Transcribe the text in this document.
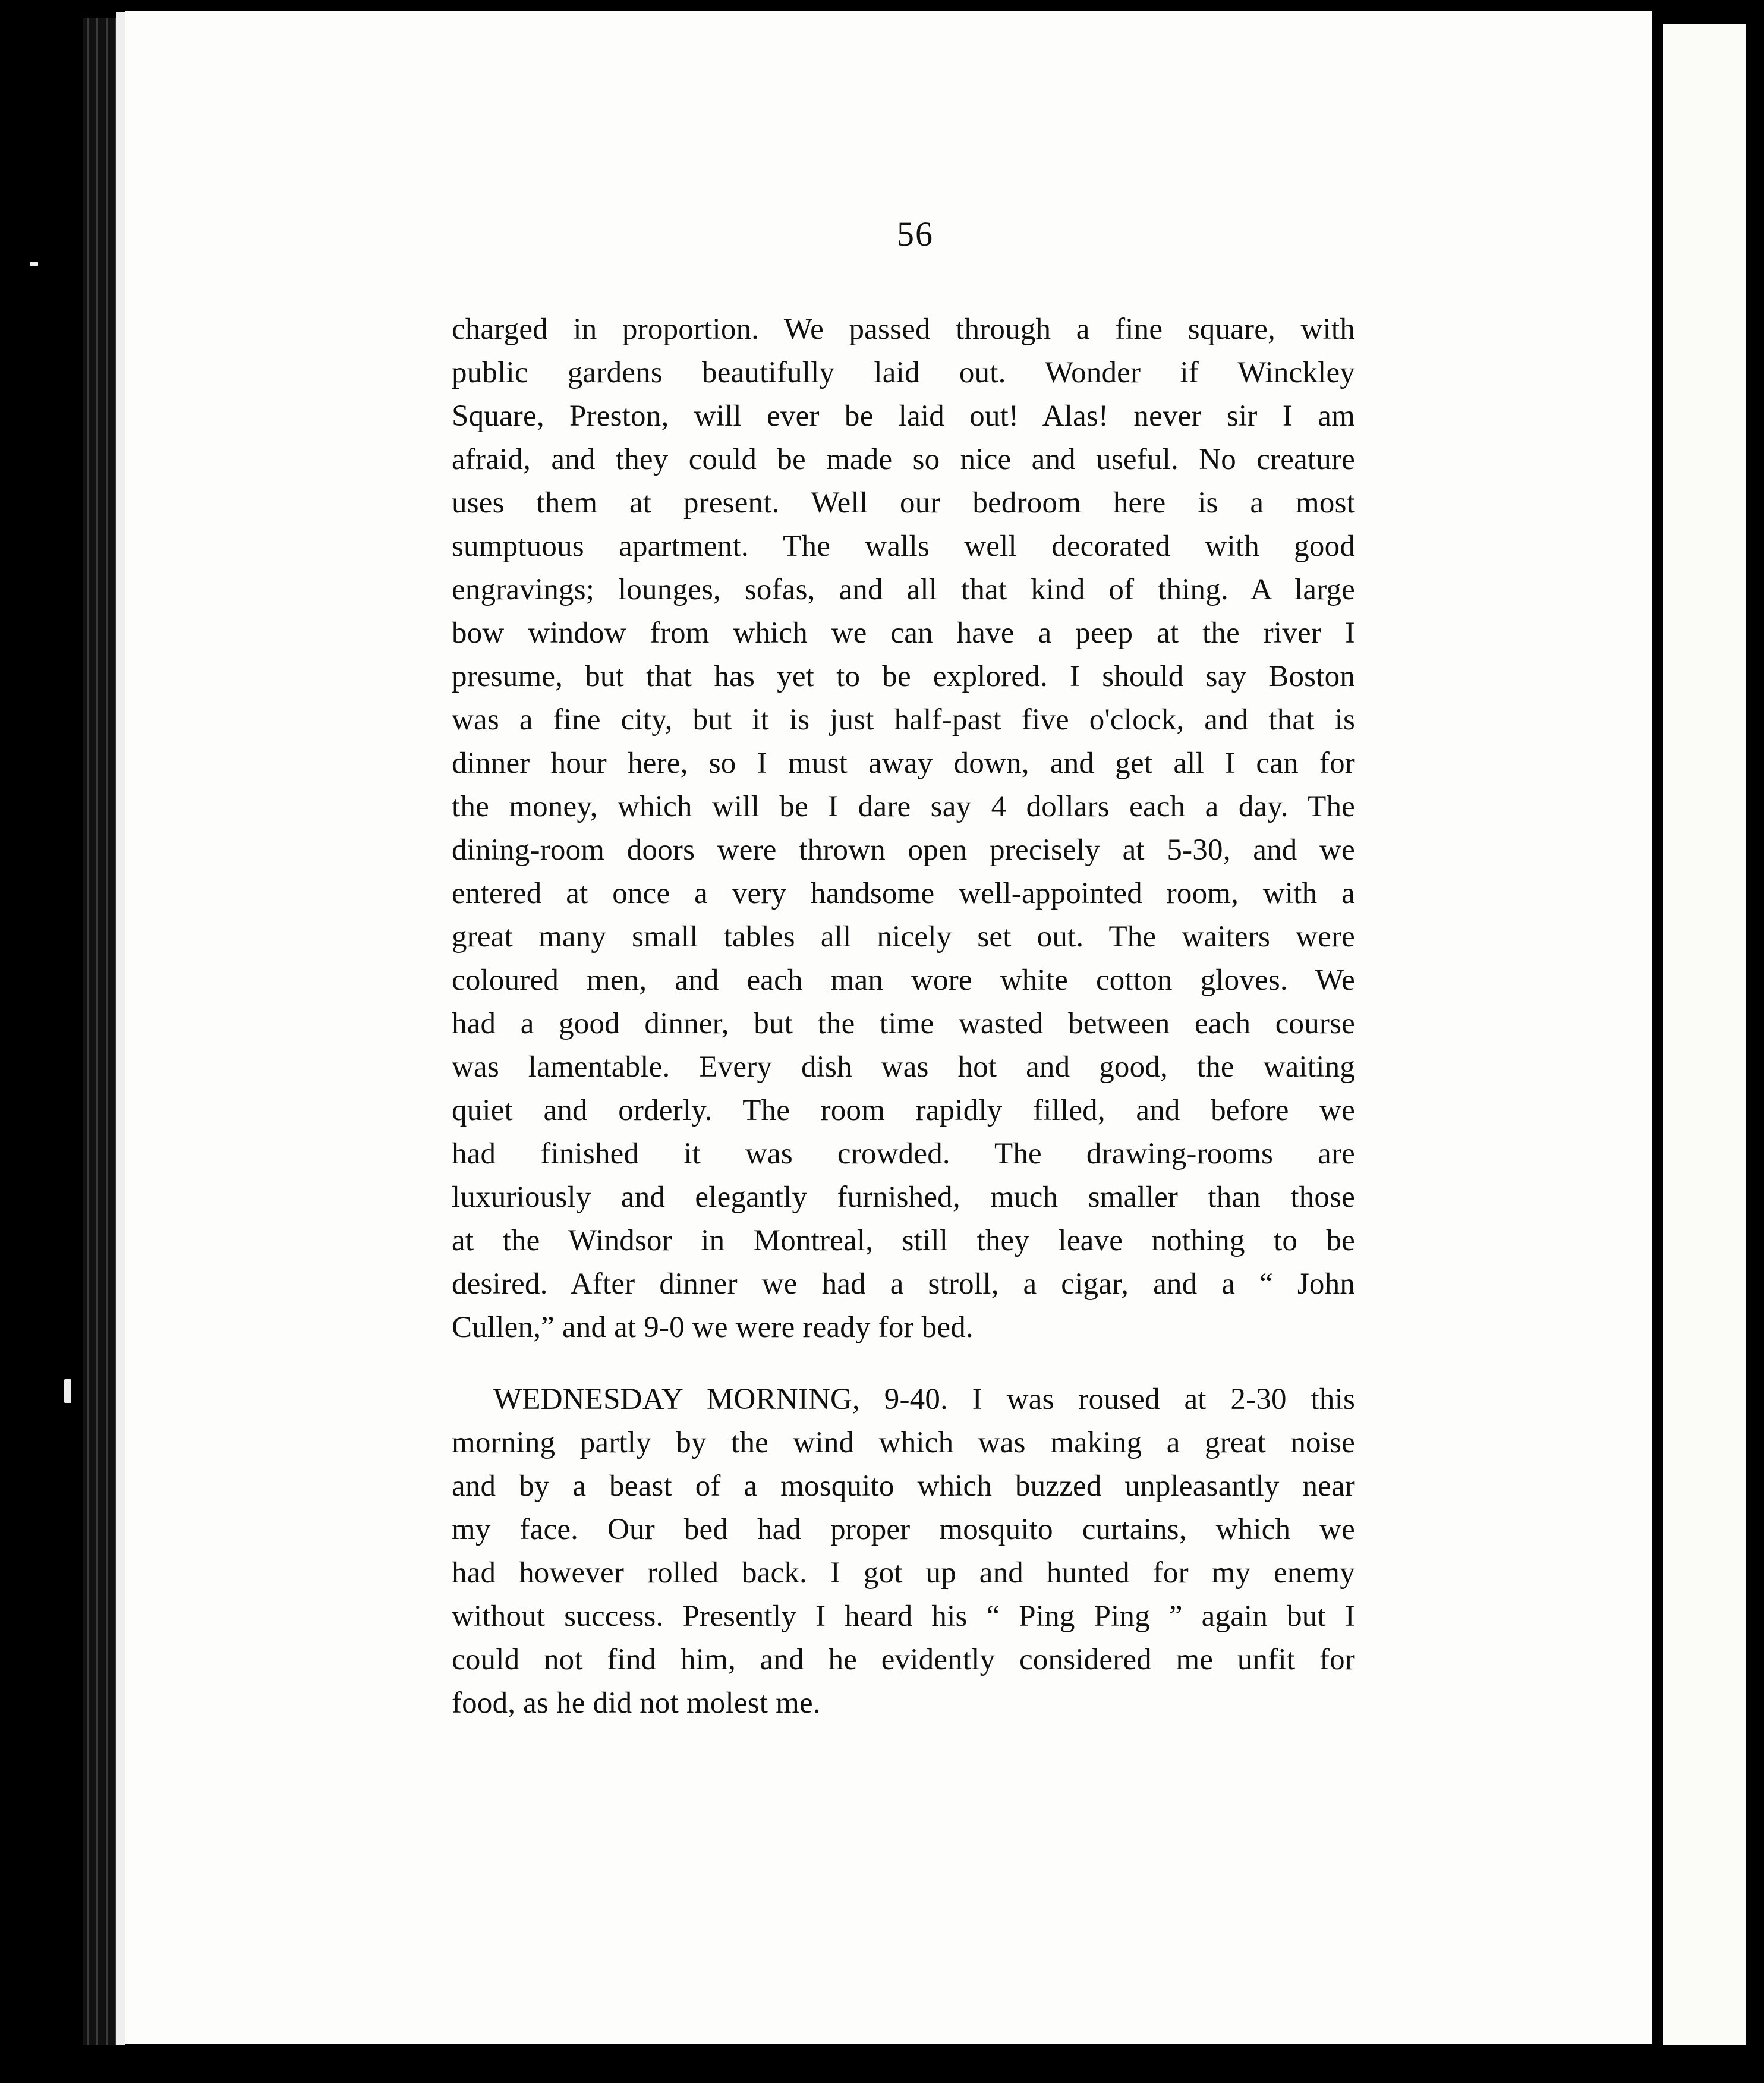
56
charged in proportion. We passed through a fine square, with
public gardens beautifully laid out. Wonder if Winckley
Square, Preston, will ever be laid out! Alas! never sir I am
afraid, and they could be made so nice and useful. No creature
uses them at present. Well our bedroom here is a most
sumptuous apartment. The walls well decorated with good
engravings; lounges, sofas, and all that kind of thing. A large
bow window from which we can have a peep at the river I
presume, but that has yet to be explored. I should say Boston
was a fine city, but it is just half-past five o'clock, and that is
dinner hour here, so I must away down, and get all I can for
the money, which will be I dare say 4 dollars each a day. The
dining-room doors were thrown open precisely at 5-30, and we
entered at once a very handsome well-appointed room, with a
great many small tables all nicely set out. The waiters were
coloured men, and each man wore white cotton gloves. We
had a good dinner, but the time wasted between each course
was lamentable. Every dish was hot and good, the waiting
quiet and orderly. The room rapidly filled, and before we
had finished it was crowded. The drawing-rooms are
luxuriously and elegantly furnished, much smaller than those
at the Windsor in Montreal, still they leave nothing to be
desired. After dinner we had a stroll, a cigar, and a “ John
Cullen,” and at 9-0 we were ready for bed.
WEDNESDAY MORNING, 9-40. I was roused at 2-30 this
morning partly by the wind which was making a great noise
and by a beast of a mosquito which buzzed unpleasantly near
my face. Our bed had proper mosquito curtains, which we
had however rolled back. I got up and hunted for my enemy
without success. Presently I heard his “ Ping Ping ” again but I
could not find him, and he evidently considered me unfit for
food, as he did not molest me.
